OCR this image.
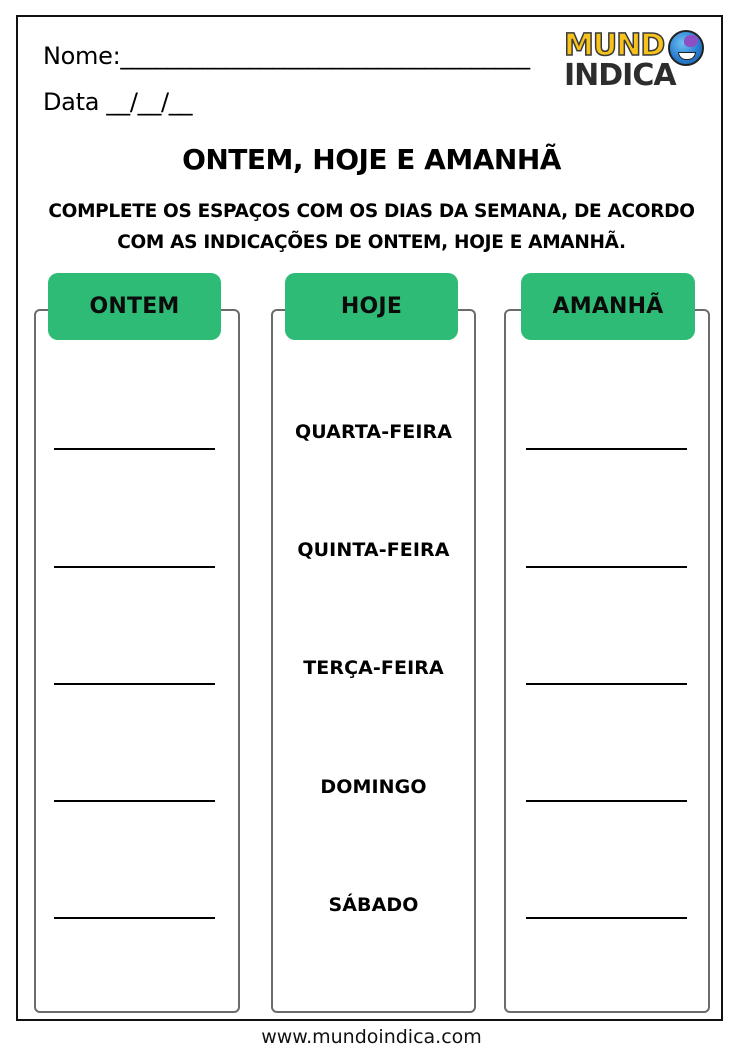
Nome:___________________________________
Data __/__/__
MUND
INDICA
ONTEM, HOJE E AMANHÃ
COMPLETE OS ESPAÇOS COM OS DIAS DA SEMANA, DE ACORDO COM AS INDICAÇÕES DE ONTEM, HOJE E AMANHÃ.
ONTEM	HOJE
QUARTA-FEIRA
QUINTA-FEIRA
TERÇA-FEIRA
DOMINGO
SÁBADO
AMANHÃ
www.mundoindica.com
